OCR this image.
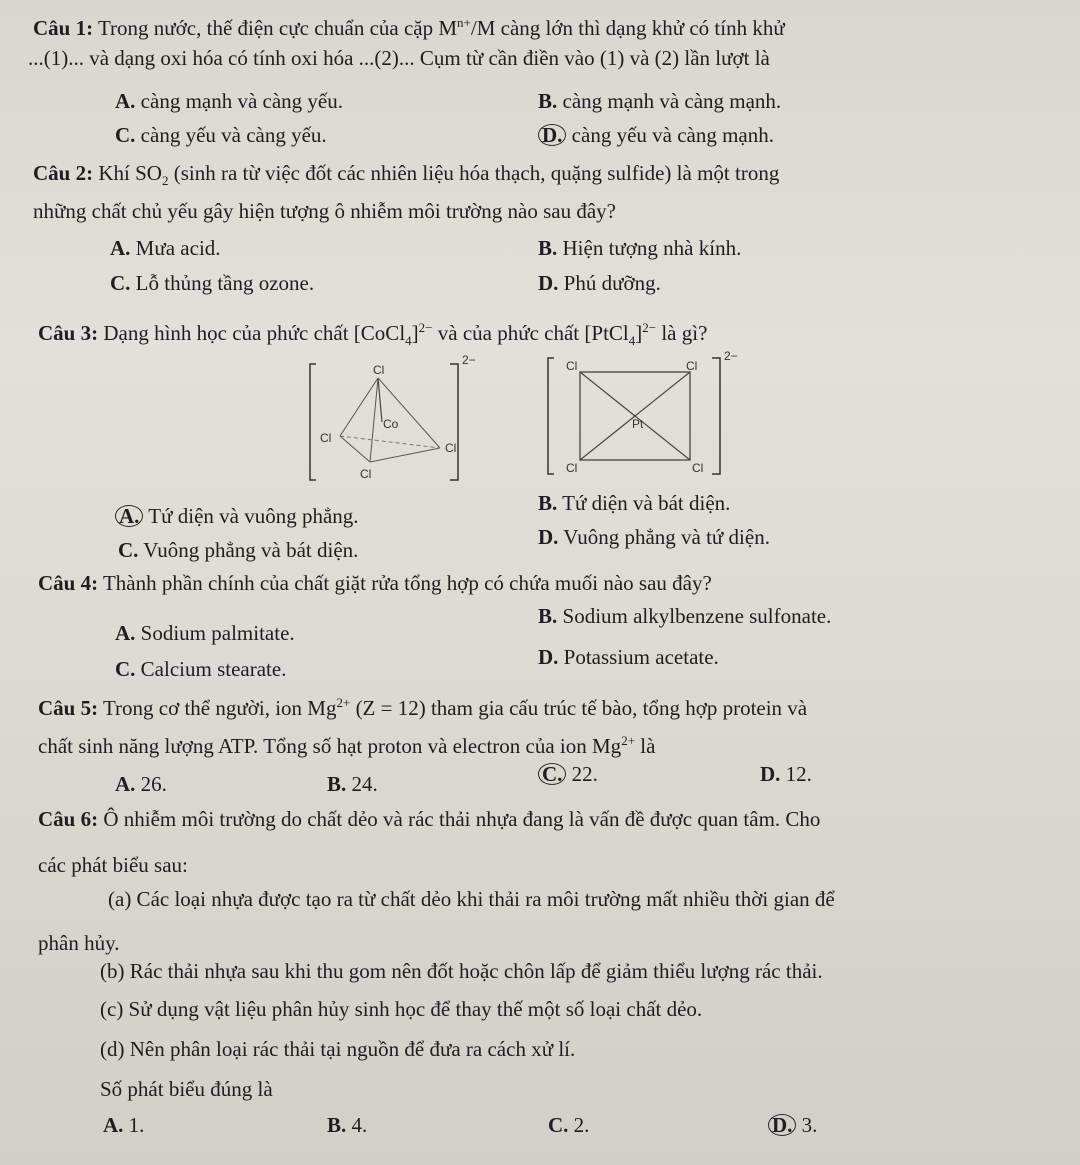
Câu 1: Trong nước, thế điện cực chuẩn của cặp $M^{n+}/M$ càng lớn thì dạng khử có tính khử
...(1)... và dạng oxi hóa có tính oxi hóa ...(2)... Cụm từ cần điền vào (1) và (2) lần lượt là
A. càng mạnh và càng yếu.	B. càng mạnh và càng mạnh.
C. càng yếu và càng yếu.	D. càng yếu và càng mạnh.
Câu 2: Khí $SO_2$ (sinh ra từ việc đốt các nhiên liệu hóa thạch, quặng sulfide) là một trong
những chất chủ yếu gây hiện tượng ô nhiễm môi trường nào sau đây?
A. Mưa acid.	B. Hiện tượng nhà kính.
C. Lỗ thủng tầng ozone.	D. Phú dưỡng.
Câu 3: Dạng hình học của phức chất [CoCl$_4$]$^{2-}$ và của phức chất [PtCl$_4$]$^{2-}$ là gì?
Cl
Co
Cl
Cl
Cl
2−	Cl	Cl
Pt
Cl	Cl
2−
A. Tứ diện và vuông phẳng.
B. Tứ diện và bát diện.
C. Vuông phẳng và bát diện.
D. Vuông phẳng và tứ diện.
Câu 4: Thành phần chính của chất giặt rửa tổng hợp có chứa muối nào sau đây?
A. Sodium palmitate.
B. Sodium alkylbenzene sulfonate.
C. Calcium stearate.	D. Potassium acetate.
Câu 5: Trong cơ thể người, ion $Mg^{2+}$ (Z = 12) tham gia cấu trúc tế bào, tổng hợp protein và
chất sinh năng lượng ATP. Tổng số hạt proton và electron của ion $Mg^{2+}$ là
A. 26.	B. 24.	C. 22.	D. 12.
Câu 6: Ô nhiễm môi trường do chất dẻo và rác thải nhựa đang là vấn đề được quan tâm. Cho
các phát biểu sau:
(a) Các loại nhựa được tạo ra từ chất dẻo khi thải ra môi trường mất nhiều thời gian để
phân hủy.
(b) Rác thải nhựa sau khi thu gom nên đốt hoặc chôn lấp để giảm thiểu lượng rác thải.
(c) Sử dụng vật liệu phân hủy sinh học để thay thế một số loại chất dẻo.
(d) Nên phân loại rác thải tại nguồn để đưa ra cách xử lí.
Số phát biểu đúng là
A. 1.	B. 4.	C. 2.	D. 3.
